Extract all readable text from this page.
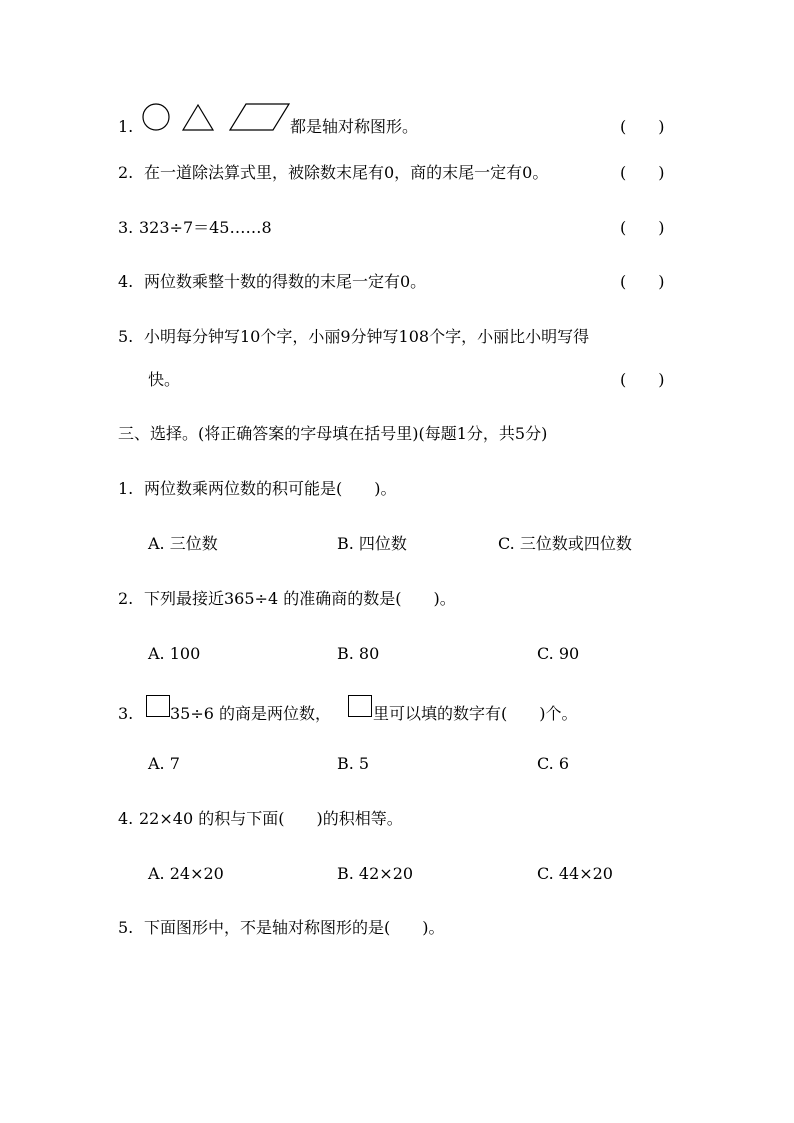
1.	都是轴对称图形。	(　　)
2. 在一道除法算式里，被除数末尾有0，商的末尾一定有0。	(　　)
3. 323÷7＝45……8	(　　)
4. 两位数乘整十数的得数的末尾一定有0。	(　　)
5. 小明每分钟写10个字，小丽9分钟写108个字，小丽比小明写得
快。	(　　)
三、选择。(将正确答案的字母填在括号里)(每题1分，共5分)
1. 两位数乘两位数的积可能是(　　)。
A. 三位数	B. 四位数	C. 三位数或四位数
2. 下列最接近365÷4 的准确商的数是(　　)。
A. 100	B. 80	C. 90
3. 35÷6 的商是两位数，	里可以填的数字有(　　)个。
A. 7	B. 5	C. 6
4. 22×40 的积与下面(　　)的积相等。
A. 24×20	B. 42×20	C. 44×20
5. 下面图形中，不是轴对称图形的是(　　)。
